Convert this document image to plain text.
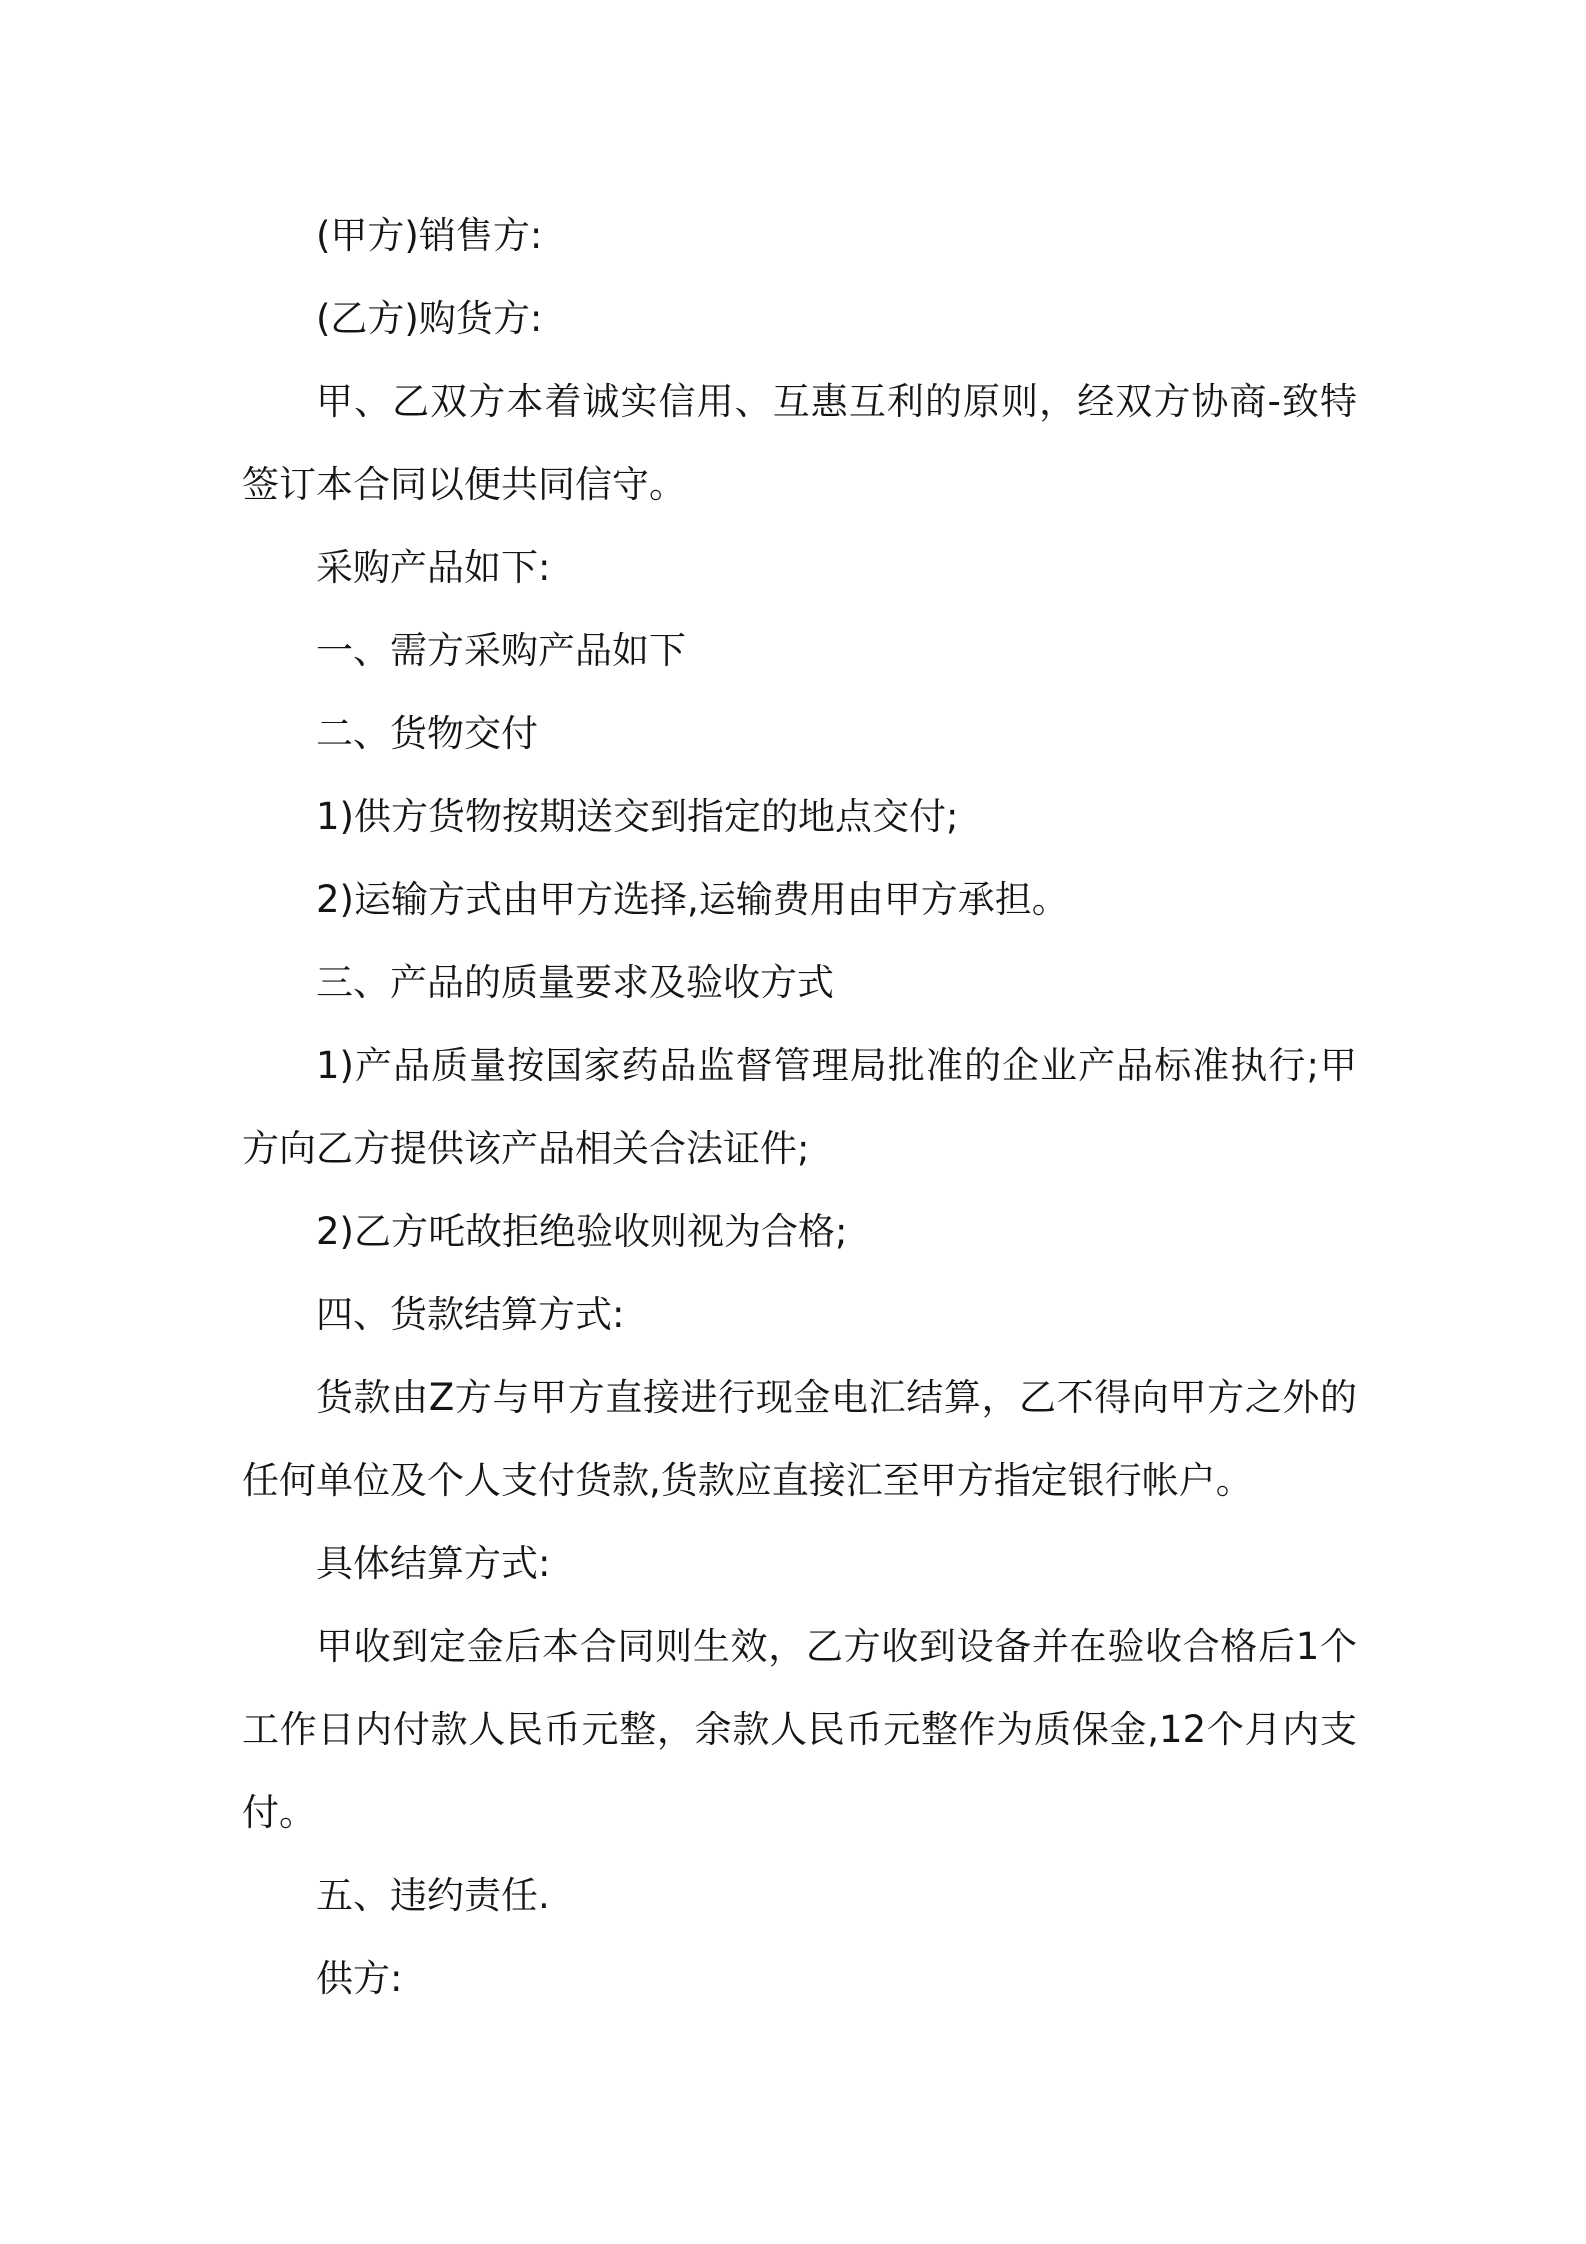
(甲方)销售方:

(乙方)购货方:

甲、乙双方本着诚实信用、互惠互利的原则，经双方协商-致特签订本合同以便共同信守。

采购产品如下:

一、需方采购产品如下

二、货物交付

1)供方货物按期送交到指定的地点交付;

2)运输方式由甲方选择,运输费用由甲方承担。

三、产品的质量要求及验收方式

1)产品质量按国家药品监督管理局批准的企业产品标准执行;甲方向乙方提供该产品相关合法证件;

2)乙方吒故拒绝验收则视为合格;

四、货款结算方式:

货款由Z方与甲方直接进行现金电汇结算，乙不得向甲方之外的任何单位及个人支付货款,货款应直接汇至甲方指定银行帐户。

具体结算方式:

甲收到定金后本合同则生效，乙方收到设备并在验收合格后1个工作日内付款人民币元整，余款人民币元整作为质保金,12个月内支付。

五、违约责任.

供方:
